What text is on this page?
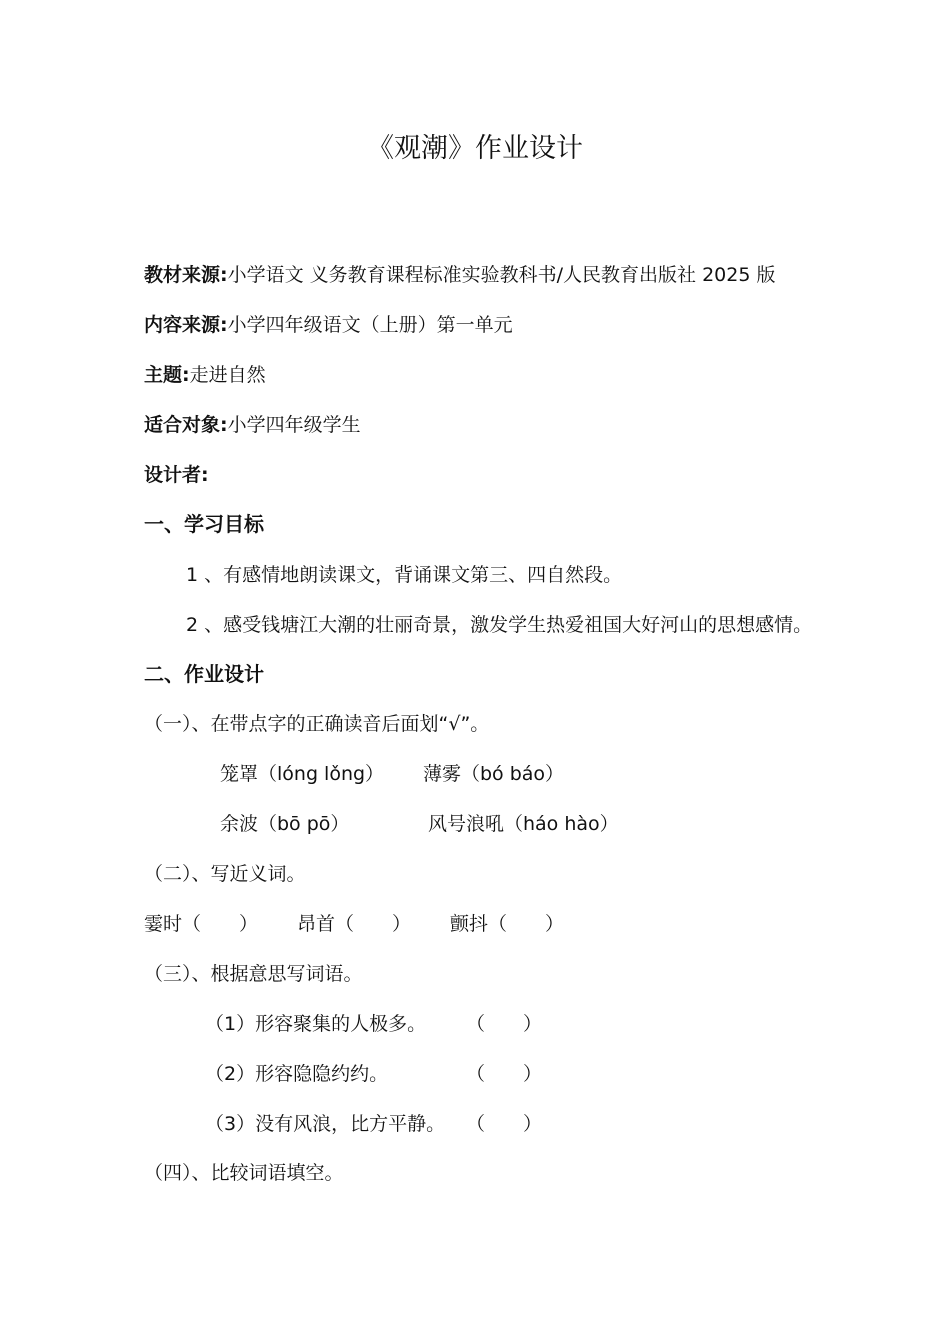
《观潮》作业设计
教材来源:小学语文 义务教育课程标准实验教科书/人民教育出版社 2025 版
内容来源:小学四年级语文（上册）第一单元
主题:走进自然
适合对象:小学四年级学生
设计者:
一、学习目标
1 、有感情地朗读课文，背诵课文第三、四自然段。
2 、感受钱塘江大潮的壮丽奇景，激发学生热爱祖国大好河山的思想感情。
二、作业设计
（一）、在带点字的正确读音后面划“√”。
笼罩（lóng lǒng） 薄雾（bó báo）
余波（bō pō）	风号浪吼（háo hào）
（二）、写近义词。
霎时（　　） 昂首（　　） 颤抖（　　）
（三）、根据意思写词语。
（1）形容聚集的人极多。 （　　）
（2）形容隐隐约约。	（　　）
（3）没有风浪，比方平静。 （　　）
（四）、比较词语填空。
